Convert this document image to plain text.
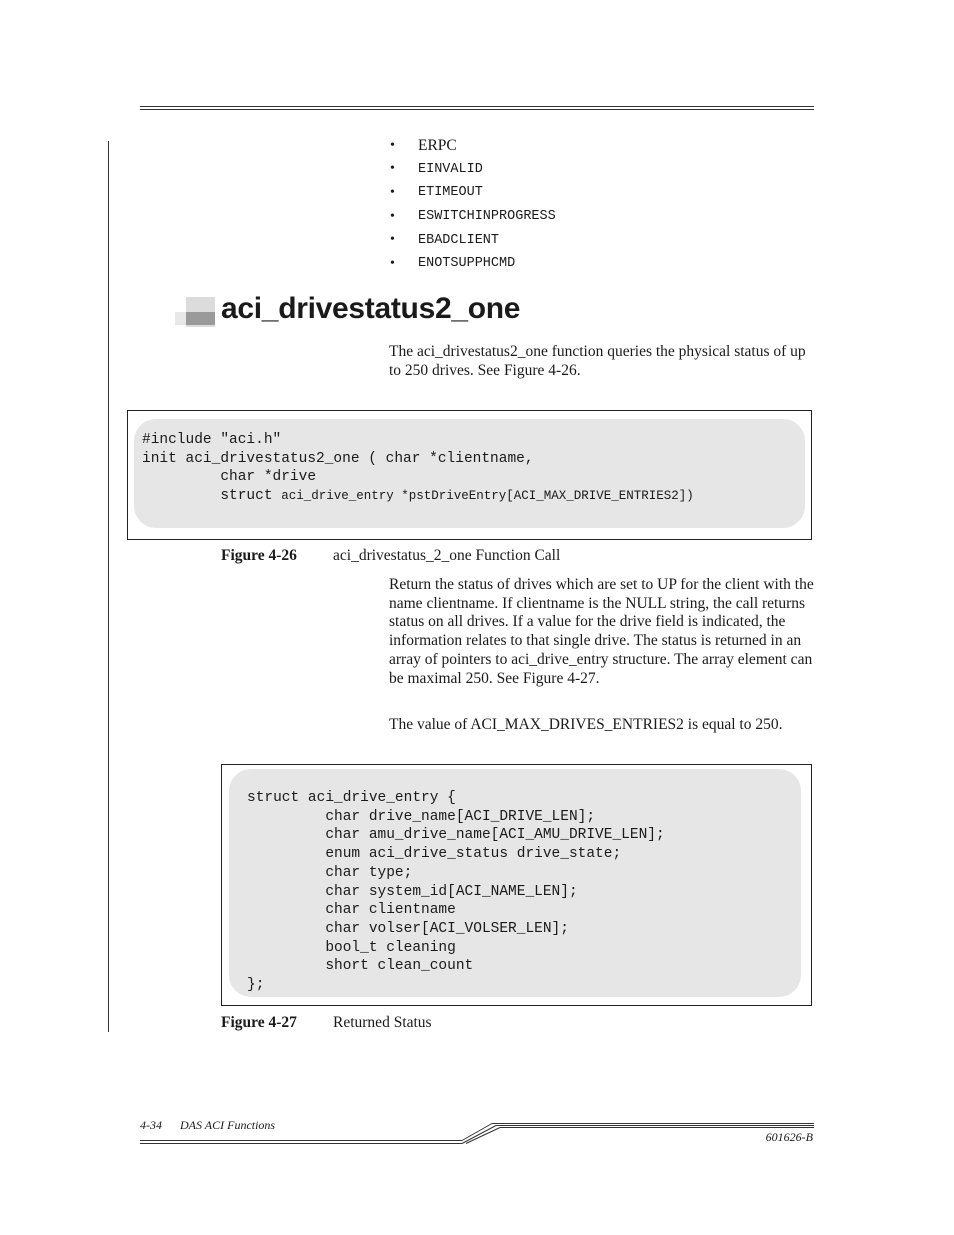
•	ERPC
•	EINVALID
•	ETIMEOUT
•	ESWITCHINPROGRESS
•	EBADCLIENT
•	ENOTSUPPHCMD
aci_drivestatus2_one

The aci_drivestatus2_one function queries the physical status of up to 250 drives. See Figure 4-26.

#include "aci.h"
init aci_drivestatus2_one ( char *clientname,
char *drive
struct aci_drive_entry *pstDriveEntry[ACI_MAX_DRIVE_ENTRIES2])
Figure 4-26 aci_drivestatus_2_one Function Call

Return the status of drives which are set to UP for the client with the name clientname. If clientname is the NULL string, the call returns status on all drives. If a value for the drive field is indicated, the information relates to that single drive. The status is returned in an array of pointers to aci_drive_entry structure. The array element can be maximal 250. See Figure 4-27.

The value of ACI_MAX_DRIVES_ENTRIES2 is equal to 250.

struct aci_drive_entry {
char drive_name[ACI_DRIVE_LEN];
char amu_drive_name[ACI_AMU_DRIVE_LEN];
enum aci_drive_status drive_state;
char type;
char system_id[ACI_NAME_LEN];
char clientname
char volser[ACI_VOLSER_LEN];
bool_t cleaning
short clean_count
};
Figure 4-27 Returned Status
4-34 DAS ACI Functions
601626-B
